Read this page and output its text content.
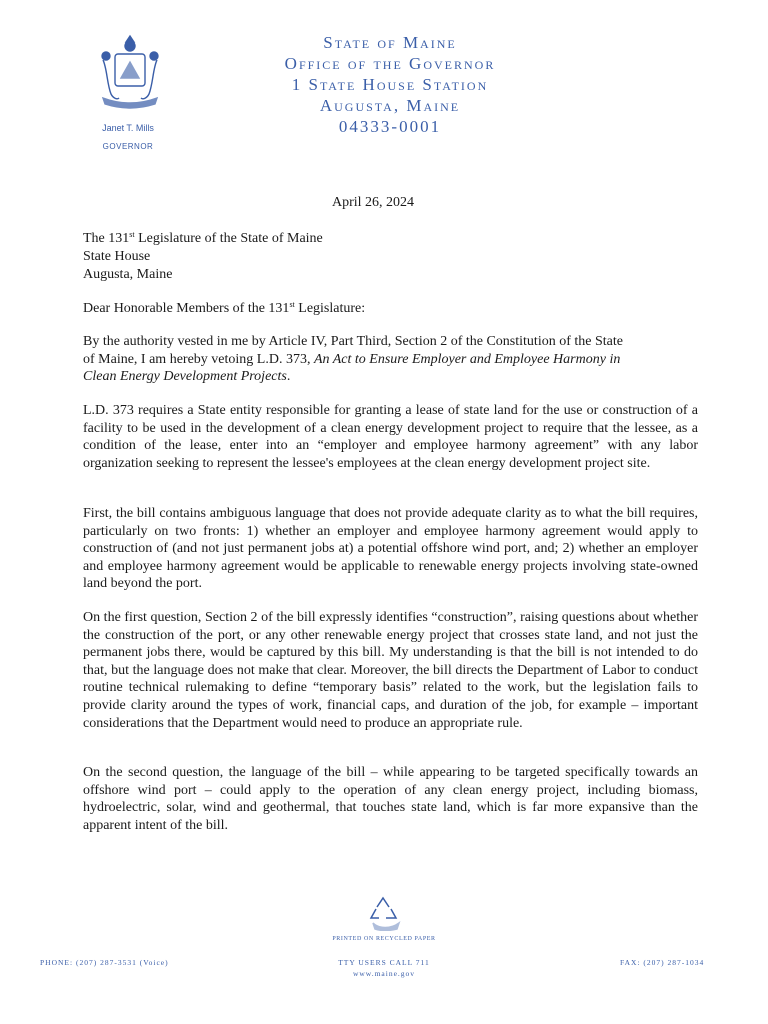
Janet T. Mills
GOVERNOR
State of Maine
Office of the Governor
1 State House Station
Augusta, Maine
04333-0001
April 26, 2024
The 131st Legislature of the State of Maine
State House
Augusta, Maine
Dear Honorable Members of the 131st Legislature:
By the authority vested in me by Article IV, Part Third, Section 2 of the Constitution of the State
of Maine, I am hereby vetoing L.D. 373, An Act to Ensure Employer and Employee Harmony in
Clean Energy Development Projects.
L.D. 373 requires a State entity responsible for granting a lease of state land for the use or construction of a facility to be used in the development of a clean energy development project to require that the lessee, as a condition of the lease, enter into an “employer and employee harmony agreement” with any labor organization seeking to represent the lessee's employees at the clean energy development project site.
First, the bill contains ambiguous language that does not provide adequate clarity as to what the bill requires, particularly on two fronts: 1) whether an employer and employee harmony agreement would apply to construction of (and not just permanent jobs at) a potential offshore wind port, and; 2) whether an employer and employee harmony agreement would be applicable to renewable energy projects involving state-owned land beyond the port.
On the first question, Section 2 of the bill expressly identifies “construction”, raising questions about whether the construction of the port, or any other renewable energy project that crosses state land, and not just the permanent jobs there, would be captured by this bill. My understanding is that the bill is not intended to do that, but the language does not make that clear. Moreover, the bill directs the Department of Labor to conduct routine technical rulemaking to define “temporary basis” related to the work, but the legislation fails to provide clarity around the types of work, financial caps, and duration of the job, for example – important considerations that the Department would need to produce an appropriate rule.
On the second question, the language of the bill – while appearing to be targeted specifically towards an offshore wind port – could apply to the operation of any clean energy project, including biomass, hydroelectric, solar, wind and geothermal, that touches state land, which is far more expansive than the apparent intent of the bill.
PRINTED ON RECYCLED PAPER
PHONE: (207) 287-3531 (Voice)	TTY USERS CALL 711
www.maine.gov
FAX: (207) 287-1034
